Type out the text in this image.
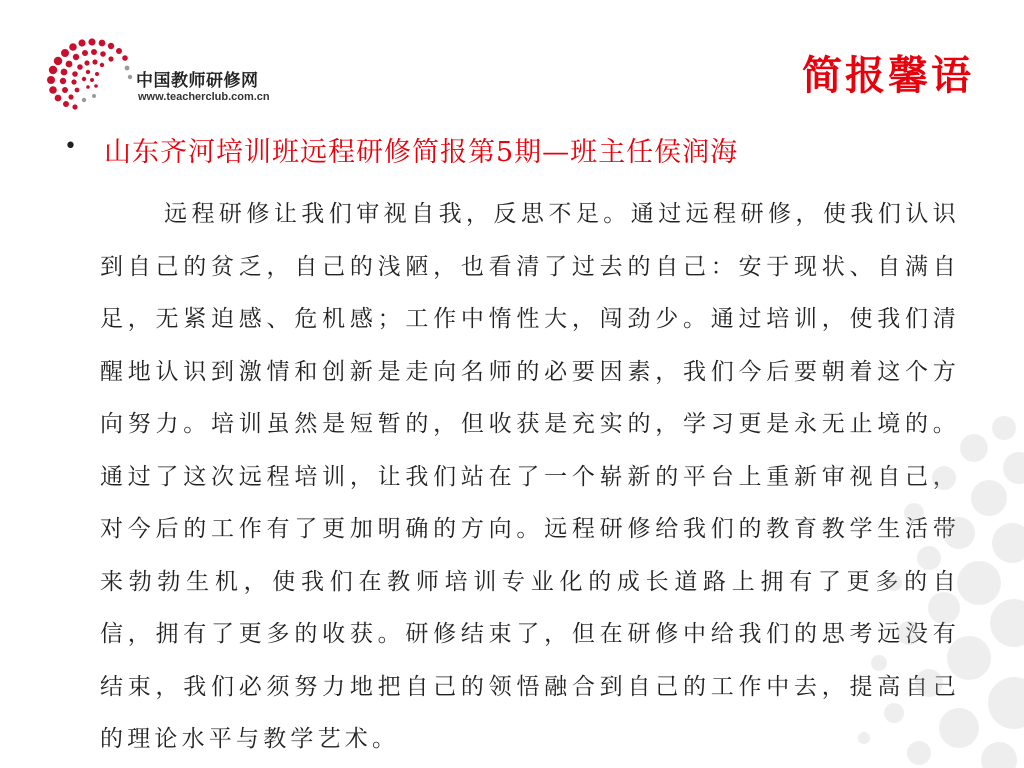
中国教师研修网
www.teacherclub.com.cn	简报馨语
• 山东齐河培训班远程研修简报第5期—班主任侯润海

远程研修让我们审视自我，反思不足。通过远程研修，使我们认识到自己的贫乏，自己的浅陋，也看清了过去的自己：安于现状、自满自足，无紧迫感、危机感；工作中惰性大，闯劲少。通过培训，使我们清醒地认识到激情和创新是走向名师的必要因素，我们今后要朝着这个方向努力。培训虽然是短暂的，但收获是充实的，学习更是永无止境的。通过了这次远程培训，让我们站在了一个崭新的平台上重新审视自己，对今后的工作有了更加明确的方向。远程研修给我们的教育教学生活带来勃勃生机，使我们在教师培训专业化的成长道路上拥有了更多的自信，拥有了更多的收获。研修结束了，但在研修中给我们的思考远没有结束，我们必须努力地把自己的领悟融合到自己的工作中去，提高自己的理论水平与教学艺术。
